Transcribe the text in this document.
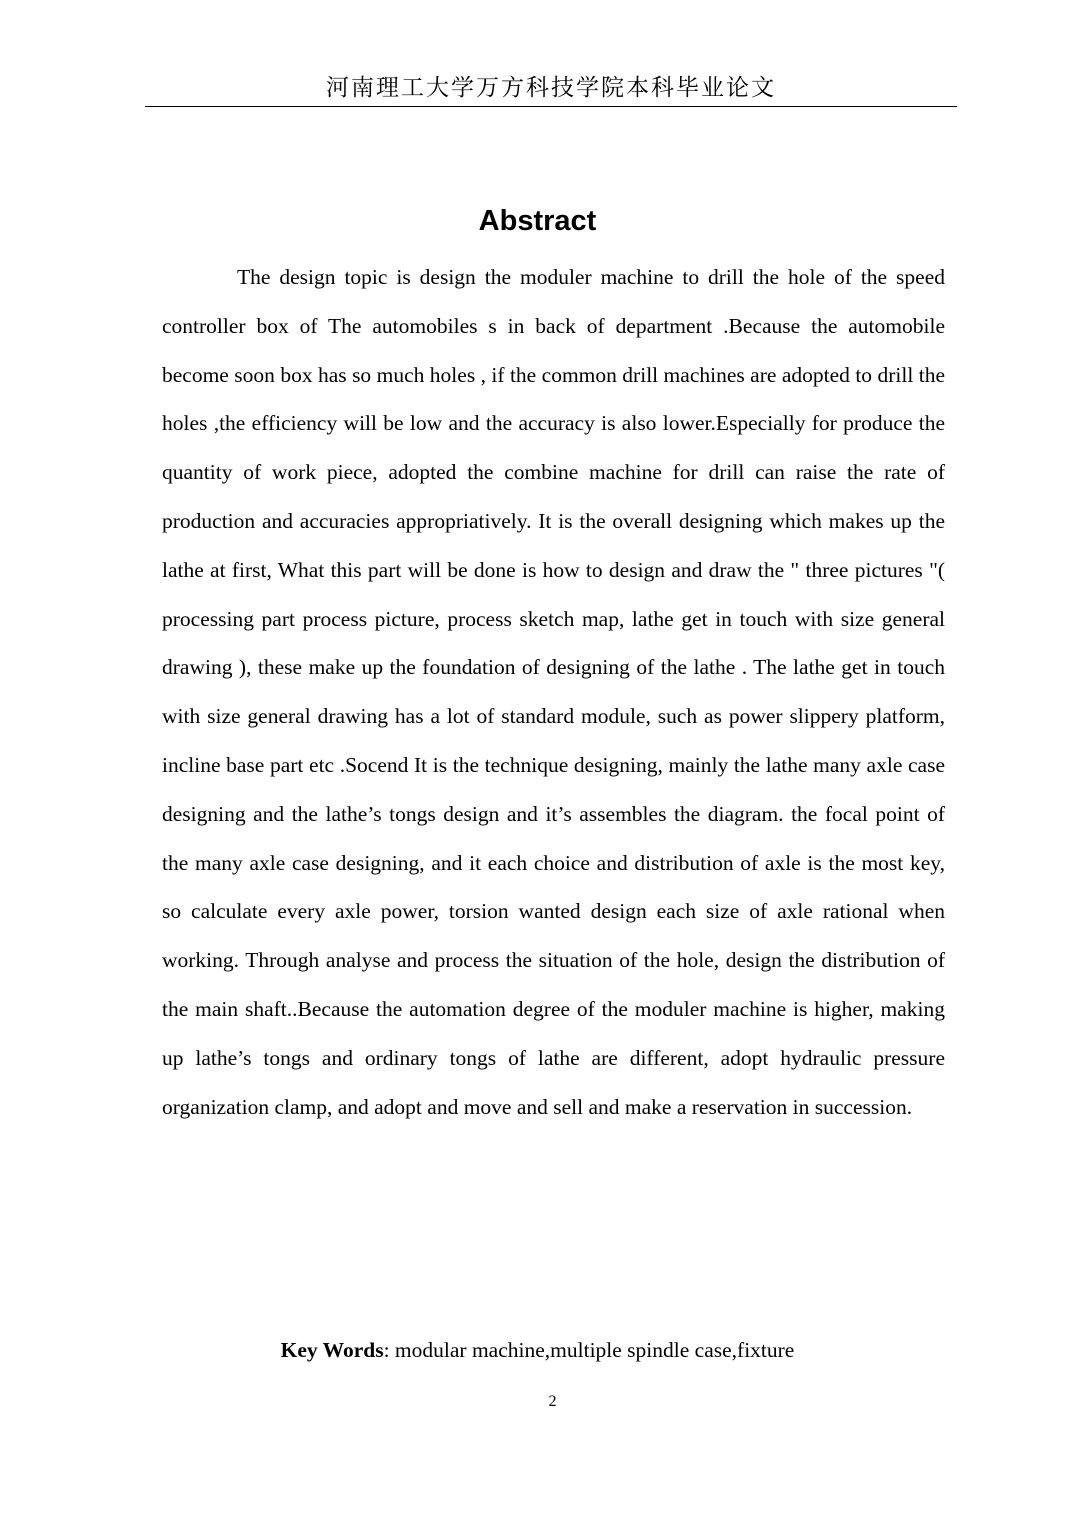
河南理工大学万方科技学院本科毕业论文
Abstract

The design topic is design the moduler machine to drill the hole of the speed controller box of The automobiles s in back of department .Because the automobile become soon box has so much holes , if the common drill machines are adopted to drill the holes ,the efficiency will be low and the accuracy is also lower.Especially for produce the quantity of work piece, adopted the combine machine for drill can raise the rate of production and accuracies appropriatively. It is the overall designing which makes up the lathe at first, What this part will be done is how to design and draw the " three pictures "( processing part process picture, process sketch map, lathe get in touch with size general drawing ), these make up the foundation of designing of the lathe . The lathe get in touch with size general drawing has a lot of standard module, such as power slippery platform, incline base part etc .Socend It is the technique designing, mainly the lathe many axle case designing and the lathe’s tongs design and it’s assembles the diagram. the focal point of the many axle case designing, and it each choice and distribution of axle is the most key, so calculate every axle power, torsion wanted design each size of axle rational when working. Through analyse and process the situation of the hole, design the distribution of the main shaft..Because the automation degree of the moduler machine is higher, making up lathe’s tongs and ordinary tongs of lathe are different, adopt hydraulic pressure organization clamp, and adopt and move and sell and make a reservation in succession.

Key Words: modular machine,multiple spindle case,fixture
2
